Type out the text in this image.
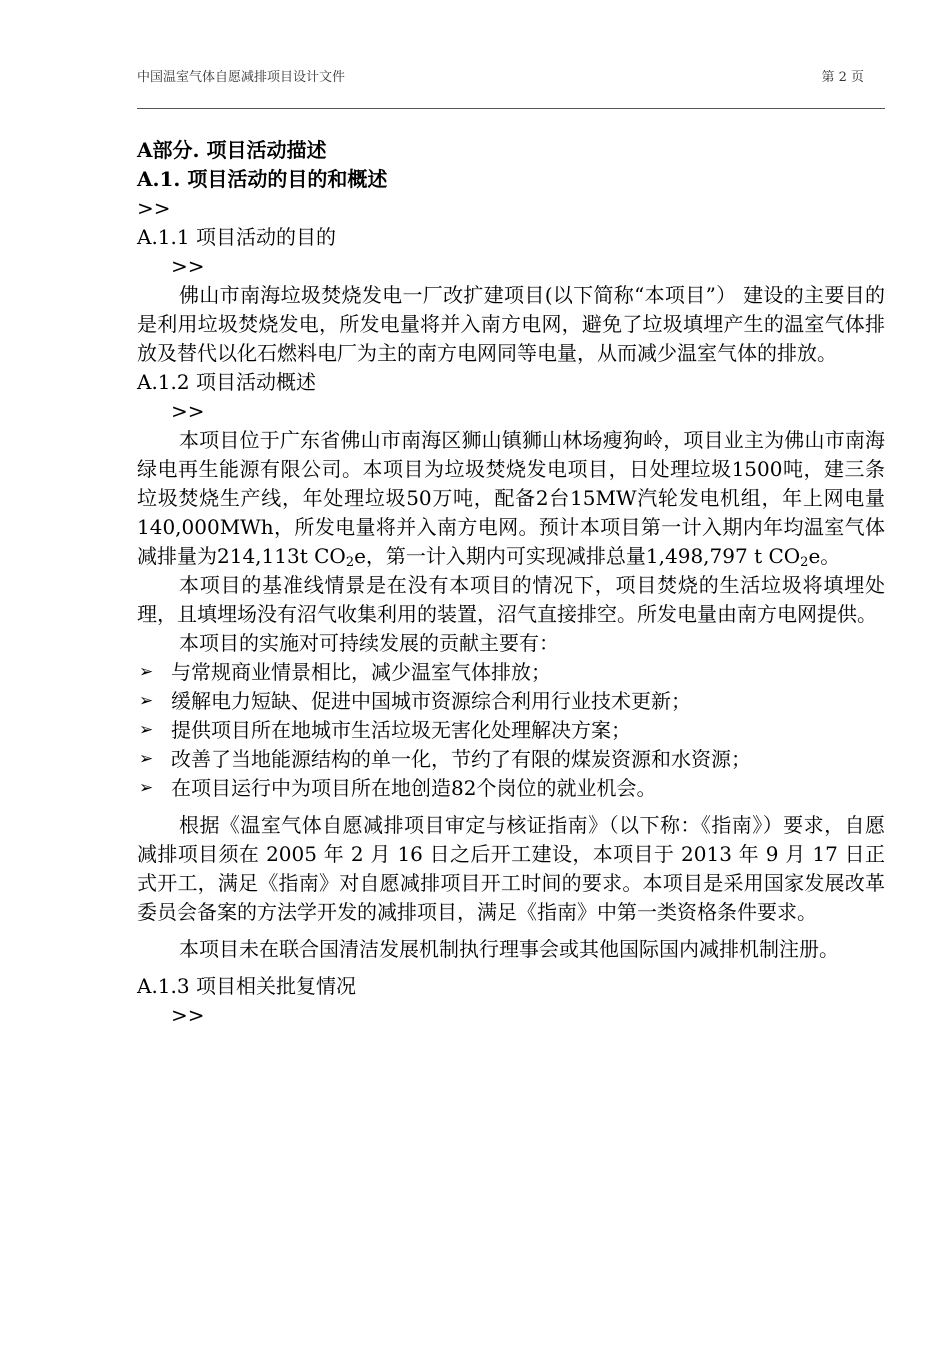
中国温室气体自愿减排项目设计文件	第 2 页

A部分. 项目活动描述

A.1. 项目活动的目的和概述

>>

A.1.1 项目活动的目的

>>

佛山市南海垃圾焚烧发电一厂改扩建项目(以下简称“本项目”） 建设的主要目的是利用垃圾焚烧发电，所发电量将并入南方电网，避免了垃圾填埋产生的温室气体排放及替代以化石燃料电厂为主的南方电网同等电量，从而减少温室气体的排放。

A.1.2 项目活动概述

>>

本项目位于广东省佛山市南海区狮山镇狮山林场瘦狗岭，项目业主为佛山市南海绿电再生能源有限公司。本项目为垃圾焚烧发电项目，日处理垃圾1500吨，建三条垃圾焚烧生产线，年处理垃圾50万吨，配备2台15MW汽轮发电机组，年上网电量140,000MWh，所发电量将并入南方电网。预计本项目第一计入期内年均温室气体减排量为214,113t $CO_2e$，第一计入期内可实现减排总量1,498,797 t $CO_2e$。

本项目的基准线情景是在没有本项目的情况下，项目焚烧的生活垃圾将填埋处理，且填埋场没有沼气收集利用的装置，沼气直接排空。所发电量由南方电网提供。

本项目的实施对可持续发展的贡献主要有：

➢ 与常规商业情景相比，减少温室气体排放；
➢ 缓解电力短缺、促进中国城市资源综合利用行业技术更新；
➢ 提供项目所在地城市生活垃圾无害化处理解决方案；
➢ 改善了当地能源结构的单一化，节约了有限的煤炭资源和水资源；
➢ 在项目运行中为项目所在地创造82个岗位的就业机会。

根据《温室气体自愿减排项目审定与核证指南》（以下称：《指南》）要求，自愿减排项目须在 2005 年 2 月 16 日之后开工建设，本项目于 2013 年 9 月 17 日正式开工，满足《指南》对自愿减排项目开工时间的要求。本项目是采用国家发展改革委员会备案的方法学开发的减排项目，满足《指南》中第一类资格条件要求。

本项目未在联合国清洁发展机制执行理事会或其他国际国内减排机制注册。

A.1.3 项目相关批复情况

>>
